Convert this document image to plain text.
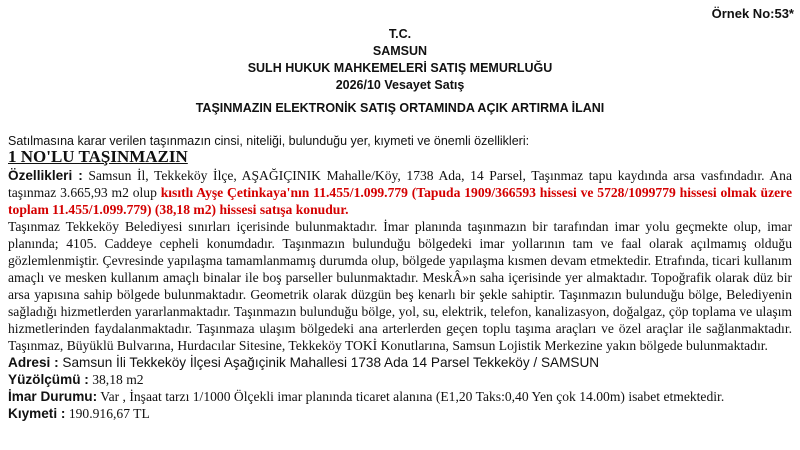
Örnek No:53*
T.C.
SAMSUN
SULH HUKUK MAHKEMELERİ SATIŞ MEMURLUĞU
2026/10 Vesayet Satış
TAŞINMAZIN ELEKTRONİK SATIŞ ORTAMINDA AÇIK ARTIRMA İLANI
Satılmasına karar verilen taşınmazın cinsi, niteliği, bulunduğu yer, kıymeti ve önemli özellikleri:
1 NO'LU TAŞINMAZIN

Özellikleri : Samsun İl, Tekkeköy İlçe, AŞAĞIÇINIK Mahalle/Köy, 1738 Ada, 14 Parsel, Taşınmaz tapu kaydında arsa vasfındadır. Ana taşınmaz 3.665,93 m2 olup kısıtlı Ayşe Çetinkaya'nın 11.455/1.099.779 (Tapuda 1909/366593 hissesi ve 5728/1099779 hissesi olmak üzere toplam 11.455/1.099.779) (38,18 m2) hissesi satışa konudur.

Taşınmaz Tekkeköy Belediyesi sınırları içerisinde bulunmaktadır. İmar planında taşınmazın bir tarafından imar yolu geçmekte olup, imar planında; 4105. Caddeye cepheli konumdadır. Taşınmazın bulunduğu bölgedeki imar yollarının tam ve faal olarak açılmamış olduğu gözlemlenmiştir. Çevresinde yapılaşma tamamlanmamış durumda olup, bölgede yapılaşma kısmen devam etmektedir. Etrafında, ticari kullanım amaçlı ve mesken kullanım amaçlı binalar ile boş parseller bulunmaktadır. MeskÂ»n saha içerisinde yer almaktadır. Topoğrafik olarak düz bir arsa yapısına sahip bölgede bulunmaktadır. Geometrik olarak düzgün beş kenarlı bir şekle sahiptir. Taşınmazın bulunduğu bölge, Belediyenin sağladığı hizmetlerden yararlanmaktadır. Taşınmazın bulunduğu bölge, yol, su, elektrik, telefon, kanalizasyon, doğalgaz, çöp toplama ve ulaşım hizmetlerinden faydalanmaktadır. Taşınmaza ulaşım bölgedeki ana arterlerden geçen toplu taşıma araçları ve özel araçlar ile sağlanmaktadır. Taşınmaz, Büyüklü Bulvarına, Hurdacılar Sitesine, Tekkeköy TOKİ Konutlarına, Samsun Lojistik Merkezine yakın bölgede bulunmaktadır.

Adresi : Samsun İli Tekkeköy İlçesi Aşağıçinik Mahallesi 1738 Ada 14 Parsel Tekkeköy / SAMSUN

Yüzölçümü : 38,18 m2

İmar Durumu: Var , İnşaat tarzı 1/1000 Ölçekli imar planında ticaret alanına (E1,20 Taks:0,40 Yen çok 14.00m) isabet etmektedir.

Kıymeti : 190.916,67 TL
